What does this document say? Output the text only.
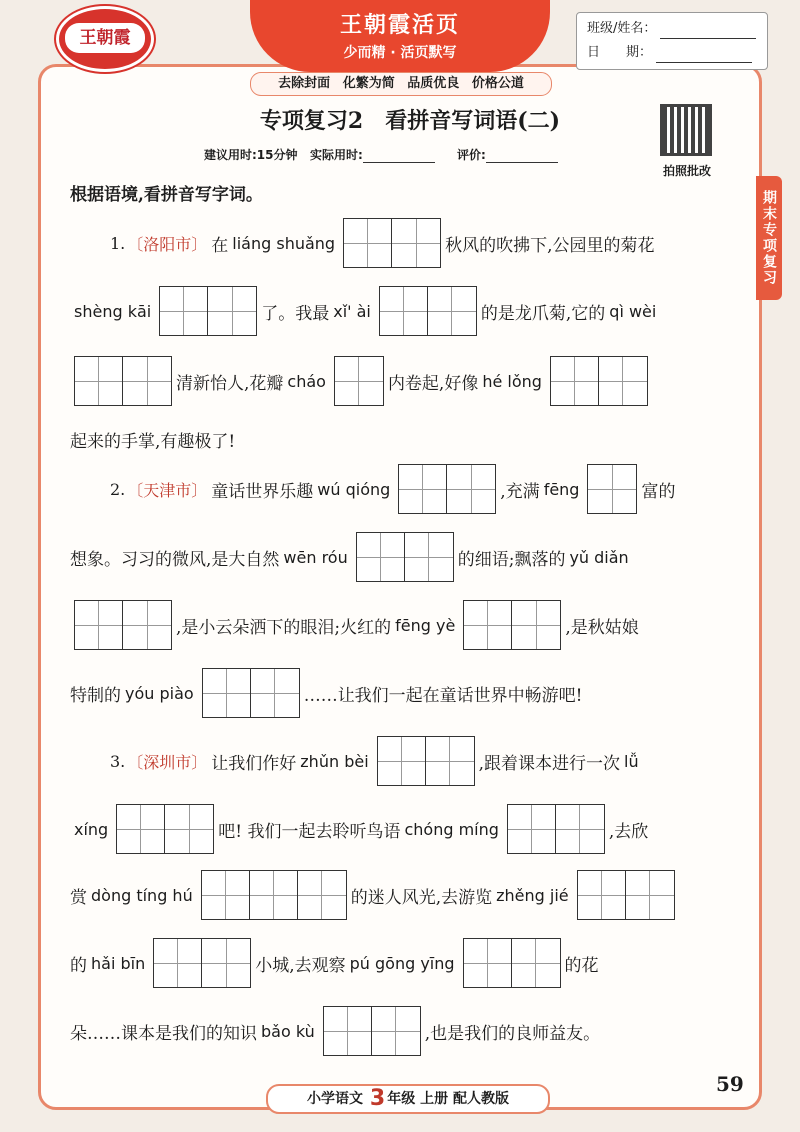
王朝霞活页
少而精 · 活页默写
王朝霞
去除封面 化繁为简 品质优良 价格公道
班级/姓名：
日　　期：
专项复习2　看拼音写词语(二)
建议用时:15分钟 实际用时:	评价:
拍照批改
期末专项复习
根据语境,看拼音写字词。
1. 〔洛阳市〕 在 liáng shuǎng	秋风的吹拂下,公园里的菊花
shèng kāi	了。我最 xǐ' ài	的是龙爪菊,它的 qì wèi
清新怡人,花瓣 cháo	内卷起,好像 hé lǒng
起来的手掌,有趣极了!
2. 〔天津市〕 童话世界乐趣 wú qióng	,充满 fēng	富的
想象。习习的微风,是大自然 wēn róu	的细语;飘落的 yǔ diǎn
,是小云朵洒下的眼泪;火红的 fēng yè	,是秋姑娘
特制的 yóu piào	……让我们一起在童话世界中畅游吧!
3. 〔深圳市〕 让我们作好 zhǔn bèi	,跟着课本进行一次 lǚ
xíng	吧! 我们一起去聆听鸟语 chóng míng	,去欣
赏 dòng tíng hú	的迷人风光,去游览 zhěng jié
的 hǎi bīn	小城,去观察 pú gōng yīng	的花
朵……课本是我们的知识 bǎo kù	,也是我们的良师益友。
小学语文 3 年级 上册 配人教版
59
